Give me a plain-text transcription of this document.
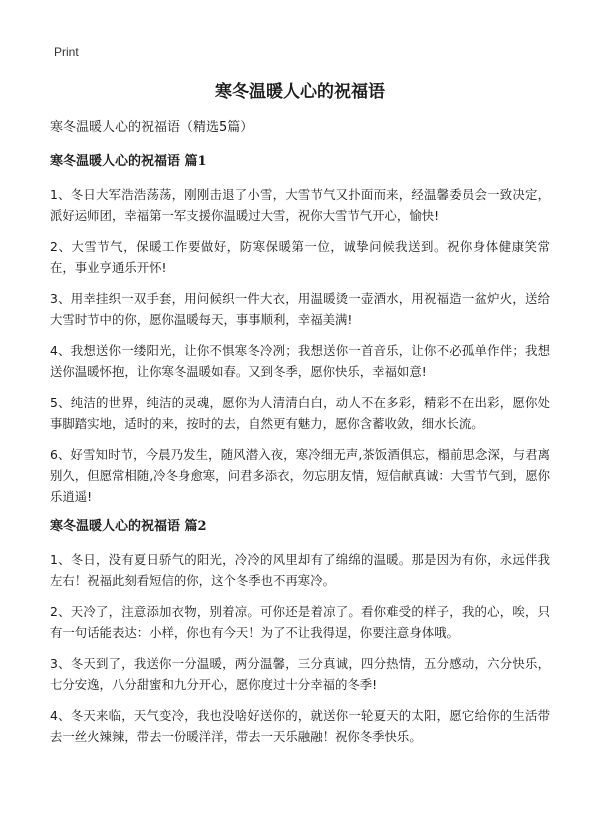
Print
寒冬温暖人心的祝福语
寒冬温暖人心的祝福语（精选5篇）
寒冬温暖人心的祝福语 篇1

1、冬日大军浩浩荡荡，刚刚击退了小雪，大雪节气又扑面而来，经温馨委员会一致决定，派好运师团，幸福第一军支援你温暖过大雪，祝你大雪节气开心，愉快!

2、大雪节气，保暖工作要做好，防寒保暖第一位，诚挚问候我送到。祝你身体健康笑常在，事业亨通乐开怀!

3、用幸挂织一双手套，用问候织一件大衣，用温暖烫一壶酒水，用祝福造一盆炉火，送给大雪时节中的你，愿你温暖每天，事事顺利，幸福美满!

4、我想送你一缕阳光，让你不惧寒冬冷冽；我想送你一首音乐，让你不必孤单作伴；我想送你温暖怀抱，让你寒冬温暖如春。又到冬季，愿你快乐，幸福如意!

5、纯洁的世界，纯洁的灵魂，愿你为人清清白白，动人不在多彩，精彩不在出彩，愿你处事脚踏实地，适时的来，按时的去，自然更有魅力，愿你含蓄收敛，细水长流。

6、好雪知时节，今晨乃发生，随风潜入夜，寒冷细无声,茶饭酒俱忘，榻前思念深，与君离别久，但愿常相随,冷冬身愈寒，问君多添衣，勿忘朋友情，短信献真诚：大雪节气到，愿你乐逍遥!

寒冬温暖人心的祝福语 篇2

1、冬日，没有夏日骄气的阳光，冷冷的风里却有了绵绵的温暖。那是因为有你，永远伴我左右！祝福此刻看短信的你，这个冬季也不再寒冷。

2、天冷了，注意添加衣物，别着凉。可你还是着凉了。看你难受的样子，我的心，唉，只有一句话能表达：小样，你也有今天！为了不让我得逞，你要注意身体哦。

3、冬天到了，我送你一分温暖，两分温馨，三分真诚，四分热情，五分感动，六分快乐，七分安逸，八分甜蜜和九分开心，愿你度过十分幸福的冬季!

4、冬天来临，天气变冷，我也没啥好送你的，就送你一轮夏天的太阳，愿它给你的生活带去一丝火辣辣，带去一份暖洋洋，带去一天乐融融！祝你冬季快乐。
